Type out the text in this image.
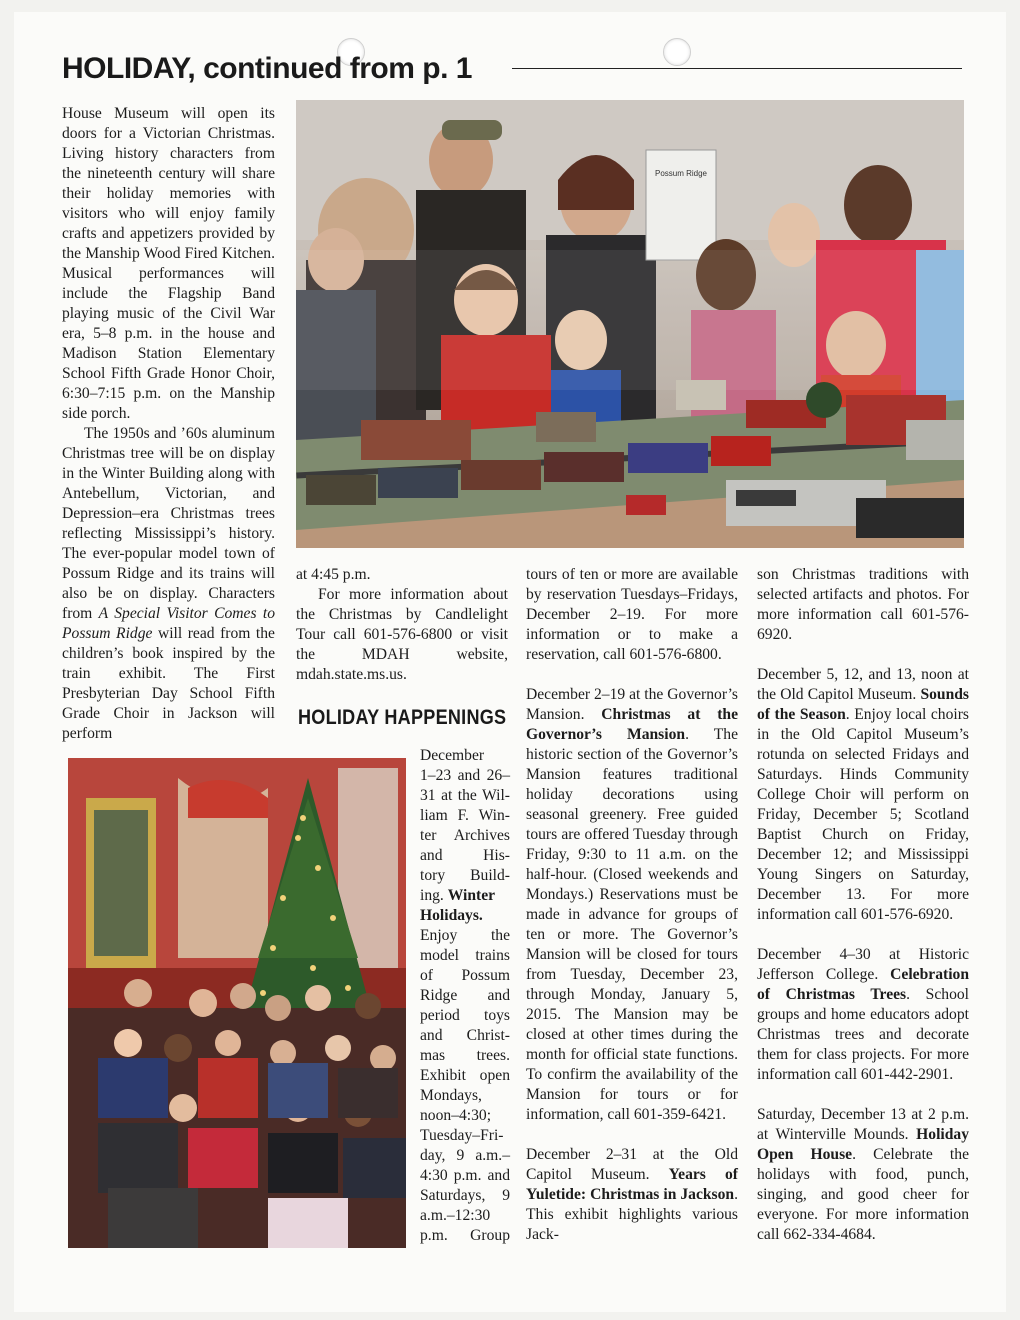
HOLIDAY, continued from p. 1

House Museum will open its doors for a Victorian Christmas. Living history characters from the nineteenth century will share their holiday memories with visitors who will enjoy family crafts and appetizers provided by the Manship Wood Fired Kitchen. Musical performances will include the Flagship Band playing music of the Civil War era, 5–8 p.m. in the house and Madison Station Elementary School Fifth Grade Honor Choir, 6:30–7:15 p.m. on the Manship side porch.

The 1950s and ’60s aluminum Christmas tree will be on display in the Winter Building along with Antebellum, Victorian, and Depression–era Christmas trees reflecting Mississippi’s history. The ever-popular model town of Possum Ridge and its trains will also be on display. Characters from A Special Visitor Comes to Possum Ridge will read from the children’s book inspired by the train exhibit. The First Presbyterian Day School Fifth Grade Choir in Jackson will perform

Possum Ridge

at 4:45 p.m.

For more information about the Christmas by Candlelight Tour call 601-576-6800 or visit the MDAH website, mdah.state.ms.us.

HOLIDAY HAPPENINGS
December
1–23 and 26–
31 at the Wil-
liam F. Win-
ter Archives
and His-
tory Build-
ing. Winter
Holidays.
Enjoy the
model trains
of Possum
Ridge and
period toys
and Christ-
mas trees.
Exhibit open
Mondays,
noon–4:30;
Tuesday–Fri-
day, 9 a.m.–
4:30 p.m. and
Saturdays, 9
a.m.–12:30
p.m. Group

tours of ten or more are available by reservation Tuesdays–Fridays, December 2–19. For more information or to make a reservation, call 601-576-6800.

December 2–19 at the Governor’s Mansion. Christmas at the Governor’s Mansion. The historic section of the Governor’s Mansion features traditional holiday decorations using seasonal greenery. Free guided tours are offered Tuesday through Friday, 9:30 to 11 a.m. on the half-hour. (Closed weekends and Mondays.) Reservations must be made in advance for groups of ten or more. The Governor’s Mansion will be closed for tours from Tuesday, December 23, through Monday, January 5, 2015. The Mansion may be closed at other times during the month for official state functions. To confirm the availability of the Mansion for tours or for information, call 601-359-6421.

December 2–31 at the Old Capitol Museum. Years of Yuletide: Christmas in Jackson. This exhibit highlights various Jack-

son Christmas traditions with selected artifacts and photos. For more information call 601-576-6920.

December 5, 12, and 13, noon at the Old Capitol Museum. Sounds of the Season. Enjoy local choirs in the Old Capitol Museum’s rotunda on selected Fridays and Saturdays. Hinds Community College Choir will perform on Friday, December 5; Scotland Baptist Church on Friday, December 12; and Mississippi Young Singers on Saturday, December 13. For more information call 601-576-6920.

December 4–30 at Historic Jefferson College. Celebration of Christmas Trees. School groups and home educators adopt Christmas trees and decorate them for class projects. For more information call 601-442-2901.

Saturday, December 13 at 2 p.m. at Winterville Mounds. Holiday Open House. Celebrate the holidays with food, punch, singing, and good cheer for everyone. For more information call 662-334-4684.
